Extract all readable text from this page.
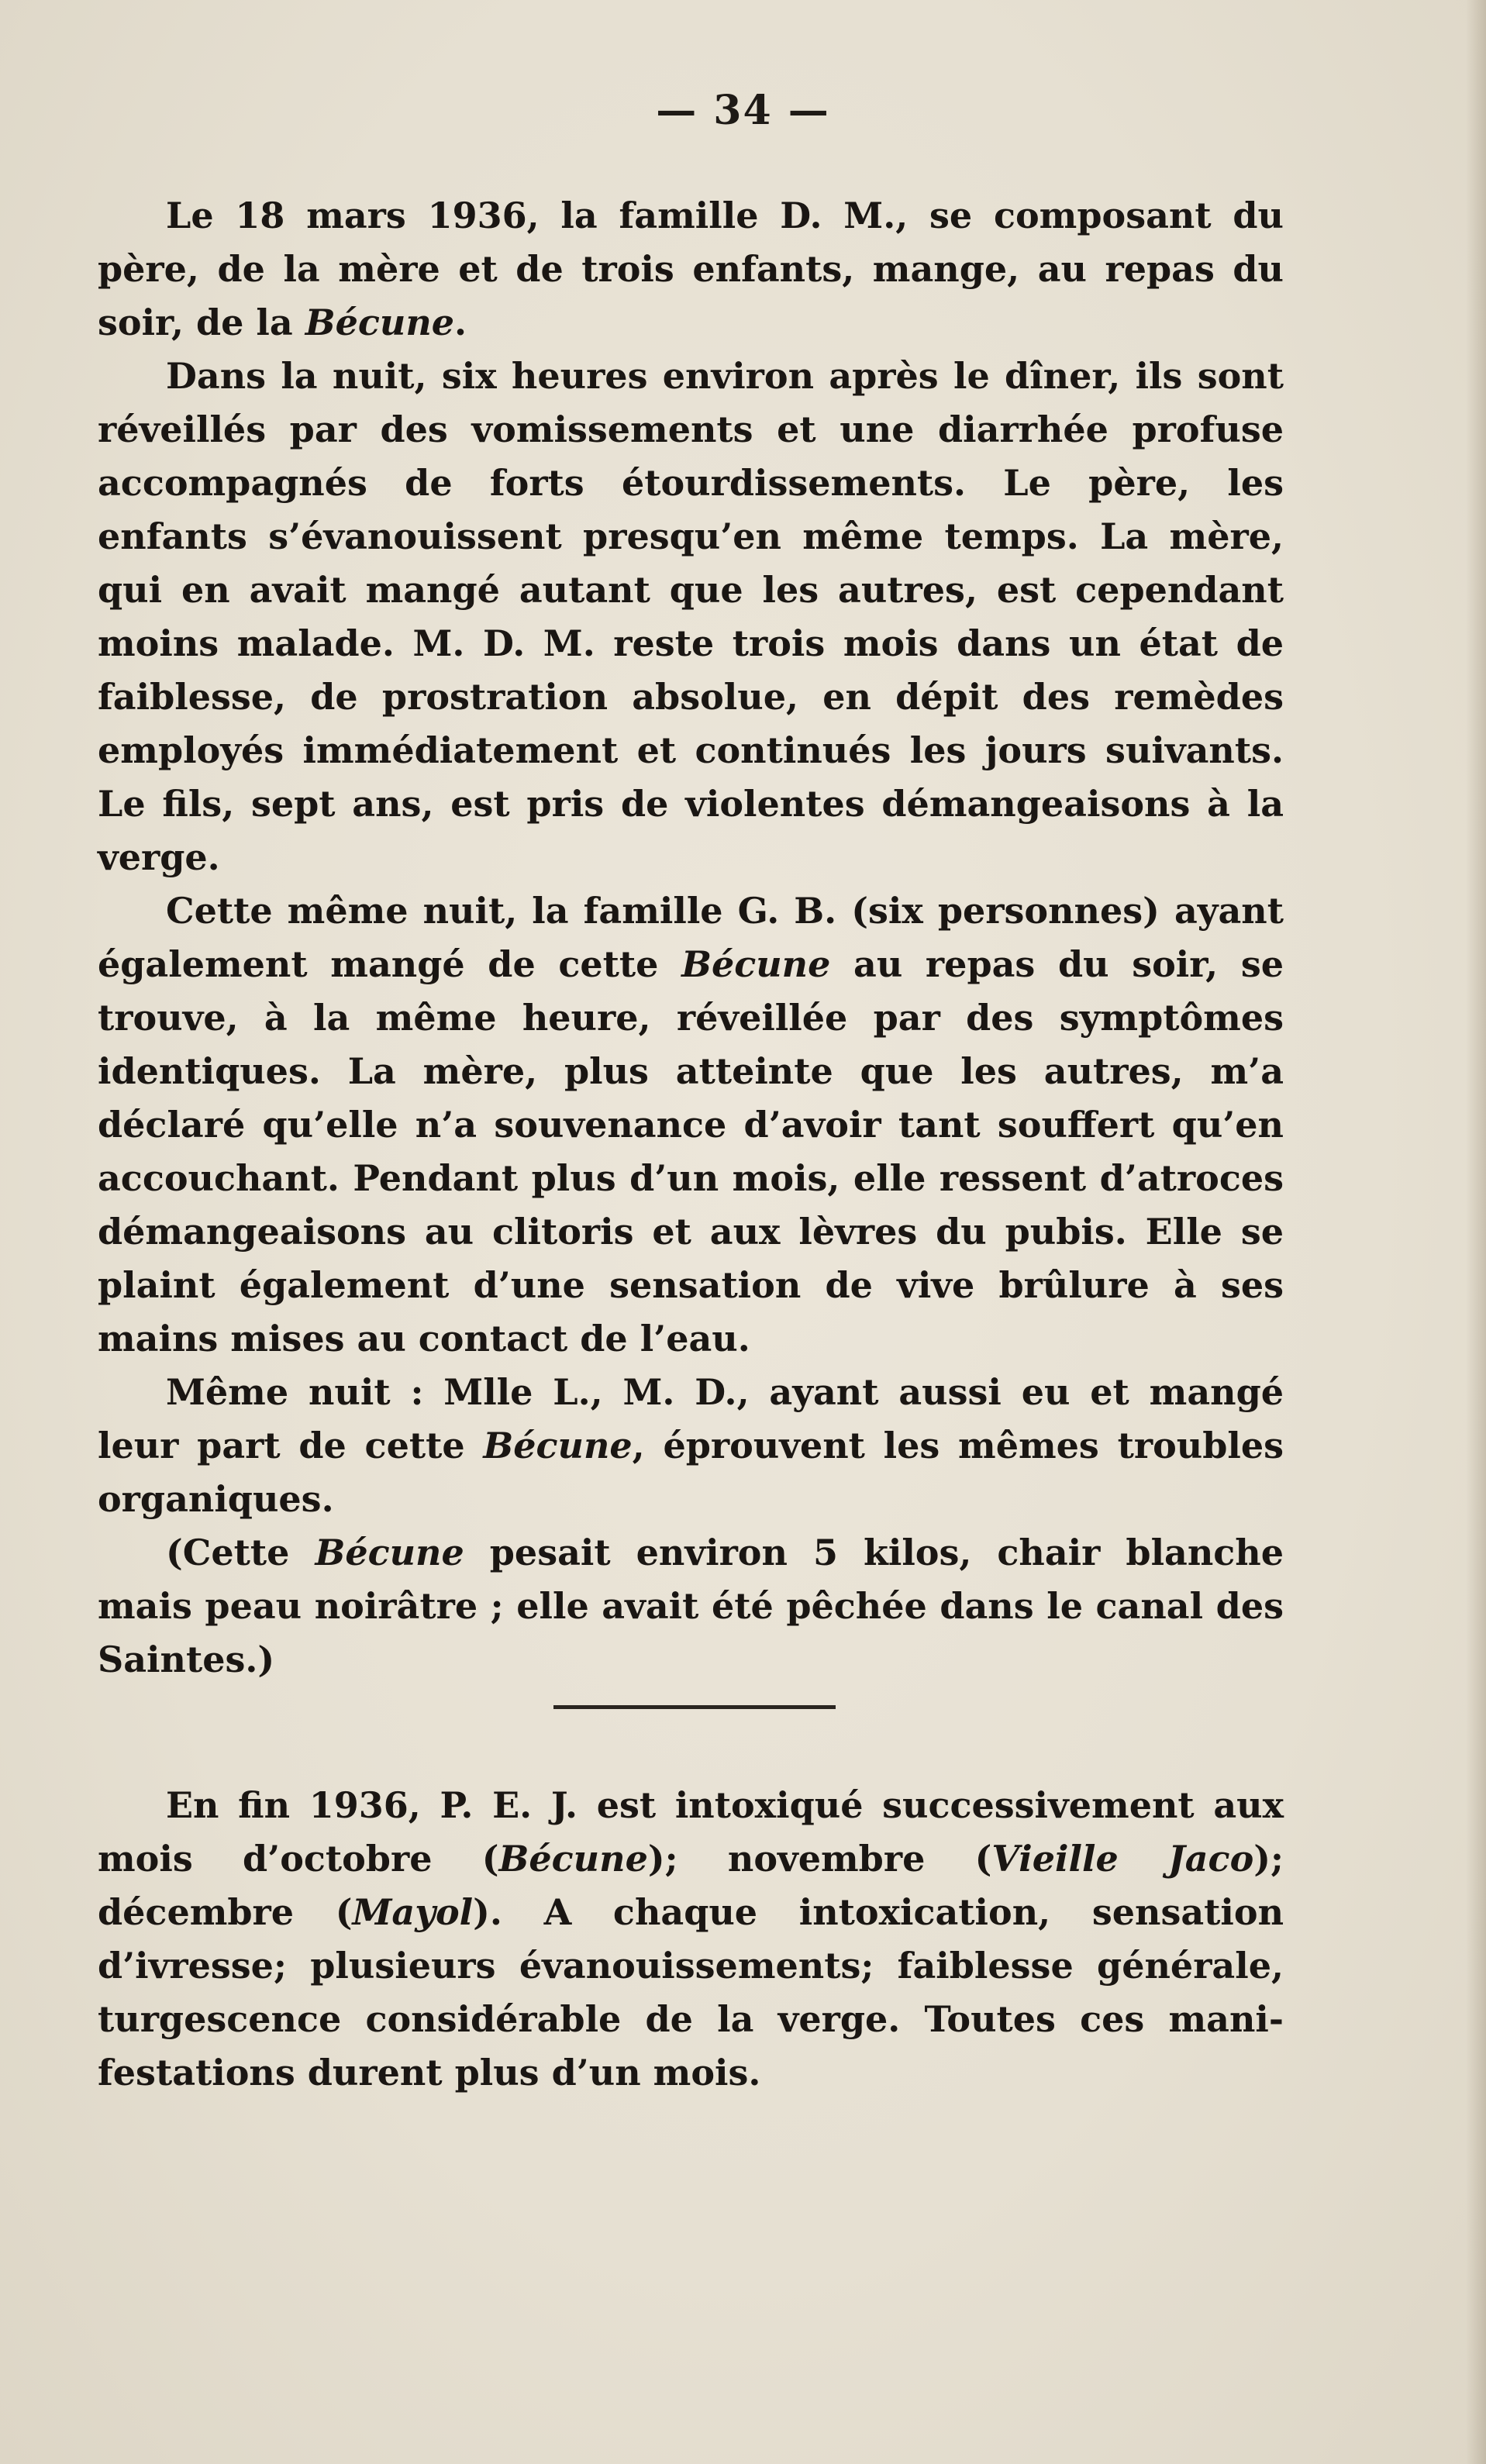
— 34 —

Le 18 mars 1936, la famille D. M., se composant du père, de la mère et de trois enfants, mange, au repas du soir, de la Bécune.

Dans la nuit, six heures environ après le dîner, ils sont réveillés par des vomissements et une diarrhée profuse accompagnés de forts étourdissements. Le père, les enfants s’évanouissent presqu’en même temps. La mère, qui en avait mangé autant que les autres, est cependant moins malade. M. D. M. reste trois mois dans un état de faiblesse, de prostration absolue, en dépit des remèdes employés immédiatement et continués les jours suivants. Le fils, sept ans, est pris de violentes démangeaisons à la verge.

Cette même nuit, la famille G. B. (six personnes) ayant également mangé de cette Bécune au repas du soir, se trouve, à la même heure, réveillée par des symptômes identiques. La mère, plus atteinte que les autres, m’a déclaré qu’elle n’a souvenance d’avoir tant souffert qu’en accouchant. Pendant plus d’un mois, elle ressent d’atroces démangeaisons au clitoris et aux lèvres du pubis. Elle se plaint également d’une sensation de vive brûlure à ses mains mises au contact de l’eau.

Même nuit : Mlle L., M. D., ayant aussi eu et mangé leur part de cette Bécune, éprouvent les mêmes troubles organiques.

(Cette Bécune pesait environ 5 kilos, chair blanche mais peau noirâtre ; elle avait été pêchée dans le canal des Saintes.)

En fin 1936, P. E. J. est intoxiqué successivement aux mois d’octobre (Bécune); novembre (Vieille Jaco); décembre (Mayol). A chaque intoxication, sensation d’ivresse; plusieurs évanouissements; faiblesse générale, turgescence considérable de la verge. Toutes ces manifestations durent plus d’un mois.
